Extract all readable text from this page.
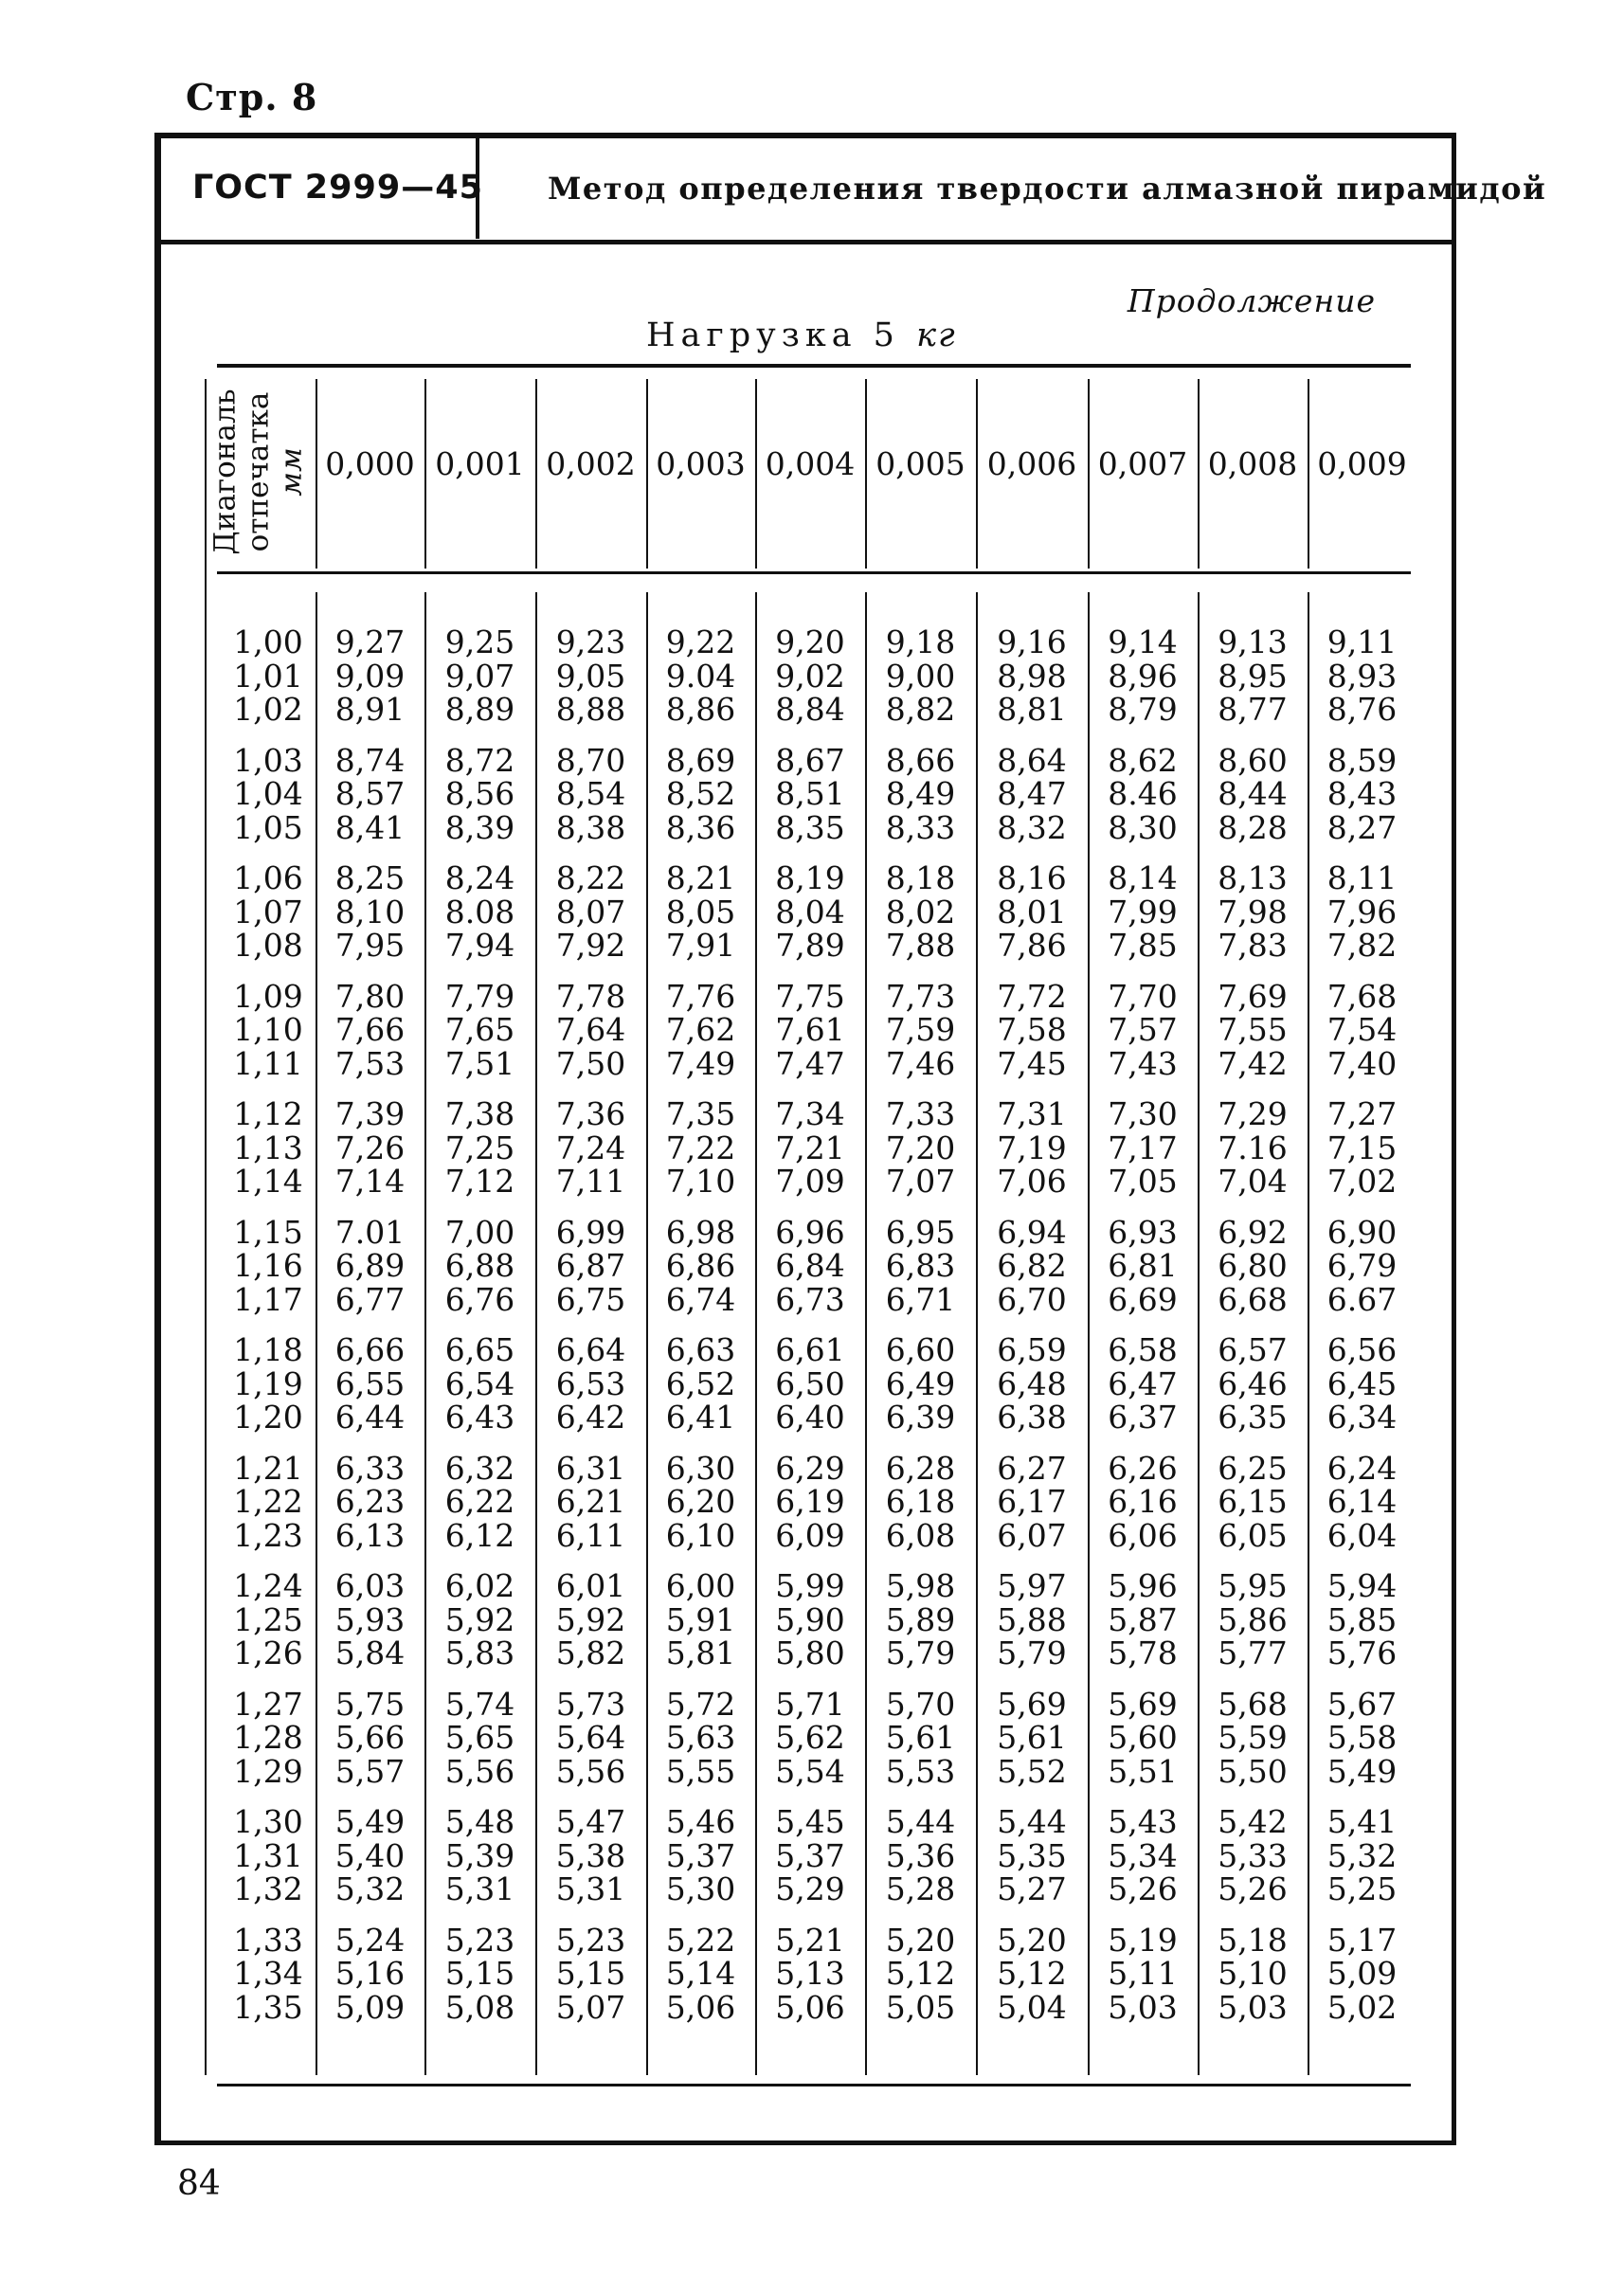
Стр. 8
ГОСТ 2999—45 Метод определения твердости алмазной пирамидой
Продолжение
Нагрузка 5 кг
Диагональ
отпечатка мм 0,000 0,001 0,002 0,003 0,004 0,005 0,006 0,007 0,008 0,009
1,00	9,27	9,25	9,23	9,22	9,20	9,18	9,16	9,14	9,13	9,11
1,01	9,09	9,07	9,05	9.04	9,02	9,00	8,98	8,96	8,95	8,93
1,02	8,91	8,89	8,88	8,86	8,84	8,82	8,81	8,79	8,77	8,76
1,03	8,74	8,72	8,70	8,69	8,67	8,66	8,64	8,62	8,60	8,59
1,04	8,57	8,56	8,54	8,52	8,51	8,49	8,47	8.46	8,44	8,43
1,05	8,41	8,39	8,38	8,36	8,35	8,33	8,32	8,30	8,28	8,27
1,06	8,25	8,24	8,22	8,21	8,19	8,18	8,16	8,14	8,13	8,11
1,07	8,10	8.08	8,07	8,05	8,04	8,02	8,01	7,99	7,98	7,96
1,08	7,95	7,94	7,92	7,91	7,89	7,88	7,86	7,85	7,83	7,82
1,09	7,80	7,79	7,78	7,76	7,75	7,73	7,72	7,70	7,69	7,68
1,10	7,66	7,65	7,64	7,62	7,61	7,59	7,58	7,57	7,55	7,54
1,11	7,53	7,51	7,50	7,49	7,47	7,46	7,45	7,43	7,42	7,40
1,12	7,39	7,38	7,36	7,35	7,34	7,33	7,31	7,30	7,29	7,27
1,13	7,26	7,25	7,24	7,22	7,21	7,20	7,19	7,17	7.16	7,15
1,14	7,14	7,12	7,11	7,10	7,09	7,07	7,06	7,05	7,04	7,02
1,15	7.01	7,00	6,99	6,98	6,96	6,95	6,94	6,93	6,92	6,90
1,16	6,89	6,88	6,87	6,86	6,84	6,83	6,82	6,81	6,80	6,79
1,17	6,77	6,76	6,75	6,74	6,73	6,71	6,70	6,69	6,68	6.67
1,18	6,66	6,65	6,64	6,63	6,61	6,60	6,59	6,58	6,57	6,56
1,19	6,55	6,54	6,53	6,52	6,50	6,49	6,48	6,47	6,46	6,45
1,20	6,44	6,43	6,42	6,41	6,40	6,39	6,38	6,37	6,35	6,34
1,21	6,33	6,32	6,31	6,30	6,29	6,28	6,27	6,26	6,25	6,24
1,22	6,23	6,22	6,21	6,20	6,19	6,18	6,17	6,16	6,15	6,14
1,23	6,13	6,12	6,11	6,10	6,09	6,08	6,07	6,06	6,05	6,04
1,24	6,03	6,02	6,01	6,00	5,99	5,98	5,97	5,96	5,95	5,94
1,25	5,93	5,92	5,92	5,91	5,90	5,89	5,88	5,87	5,86	5,85
1,26	5,84	5,83	5,82	5,81	5,80	5,79	5,79	5,78	5,77	5,76
1,27	5,75	5,74	5,73	5,72	5,71	5,70	5,69	5,69	5,68	5,67
1,28	5,66	5,65	5,64	5,63	5,62	5,61	5,61	5,60	5,59	5,58
1,29	5,57	5,56	5,56	5,55	5,54	5,53	5,52	5,51	5,50	5,49
1,30	5,49	5,48	5,47	5,46	5,45	5,44	5,44	5,43	5,42	5,41
1,31	5,40	5,39	5,38	5,37	5,37	5,36	5,35	5,34	5,33	5,32
1,32	5,32	5,31	5,31	5,30	5,29	5,28	5,27	5,26	5,26	5,25
1,33	5,24	5,23	5,23	5,22	5,21	5,20	5,20	5,19	5,18	5,17
1,34	5,16	5,15	5,15	5,14	5,13	5,12	5,12	5,11	5,10	5,09
1,35	5,09	5,08	5,07	5,06	5,06	5,05	5,04	5,03	5,03	5,02
84
